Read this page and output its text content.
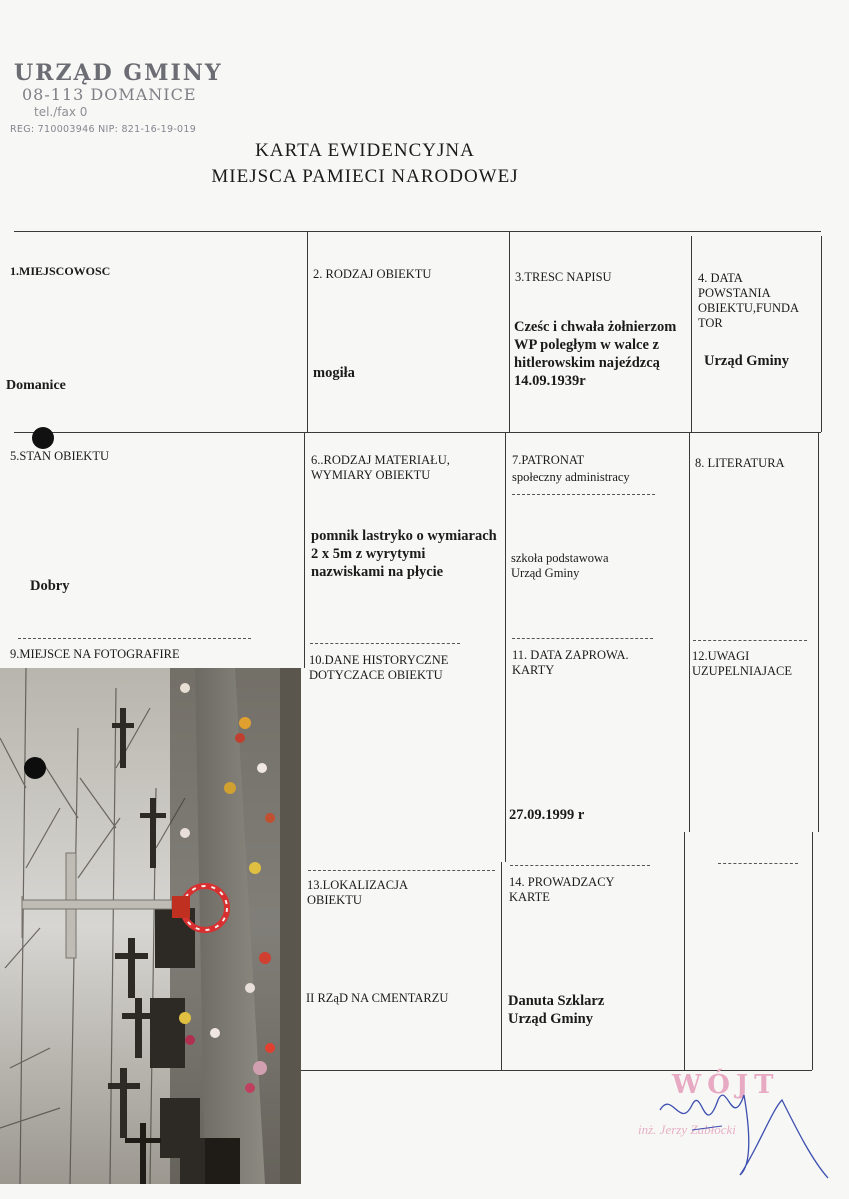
URZĄD GMINY
08-113 DOMANICE
tel./fax 0
REG: 710003946 NIP: 821-16-19-019
KARTA EWIDENCYJNA
MIEJSCA PAMIECI NARODOWEJ
1.MIEJSCOWOSC
Domanice
2. RODZAJ OBIEKTU
mogiła
3.TRESC NAPISU
Cześc i chwała żołnierzom WP poległym w walce z hitlerowskim najeźdzcą 14.09.1939r
4. DATA POWSTANIA OBIEKTU,FUNDA TOR
Urząd Gminy
5.STAN OBIEKTU
Dobry
6..RODZAJ MATERIAŁU, WYMIARY OBIEKTU
pomnik lastryko o wymiarach 2 x 5m z wyrytymi nazwiskami na płycie
7.PATRONAT
społeczny administracy
szkoła podstawowa Urząd Gminy
8. LITERATURA
9.MIEJSCE NA FOTOGRAFIRE	10.DANE HISTORYCZNE DOTYCZACE OBIEKTU
11. DATA ZAPROWA. KARTY
27.09.1999 r
12.UWAGI UZUPELNIAJACE
13.LOKALIZACJA OBIEKTU
II RZąD NA CMENTARZU
14. PROWADZACY KARTE
Danuta Szklarz Urząd Gminy
WÓJT
inż. Jerzy Zabłocki
